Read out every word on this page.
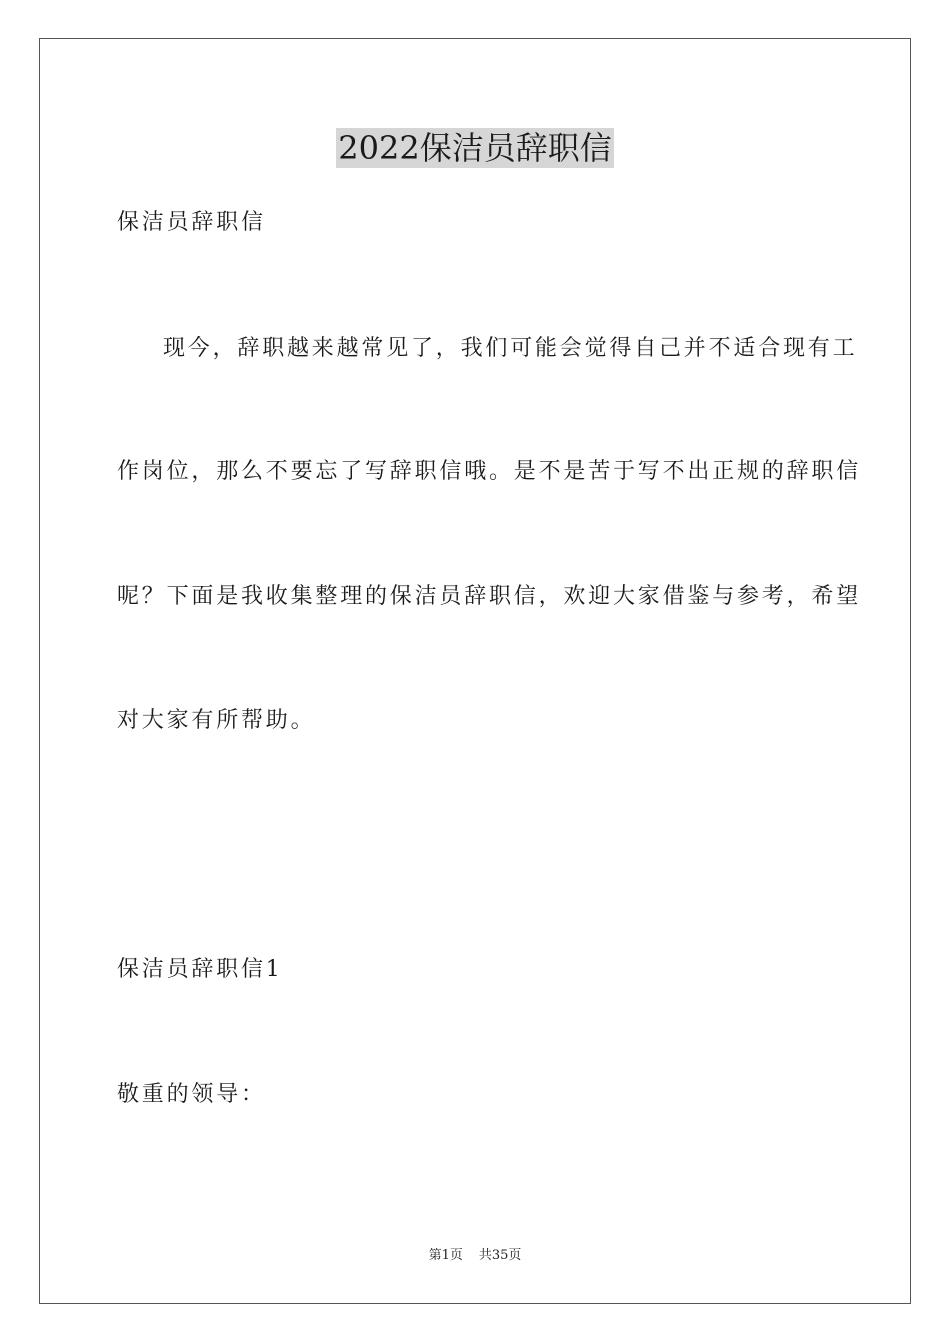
2022保洁员辞职信

保洁员辞职信

现今，辞职越来越常见了，我们可能会觉得自己并不适合现有工

作岗位，那么不要忘了写辞职信哦。是不是苦于写不出正规的辞职信

呢？下面是我收集整理的保洁员辞职信，欢迎大家借鉴与参考，希望

对大家有所帮助。

保洁员辞职信1

敬重的领导：

第1页 共35页
